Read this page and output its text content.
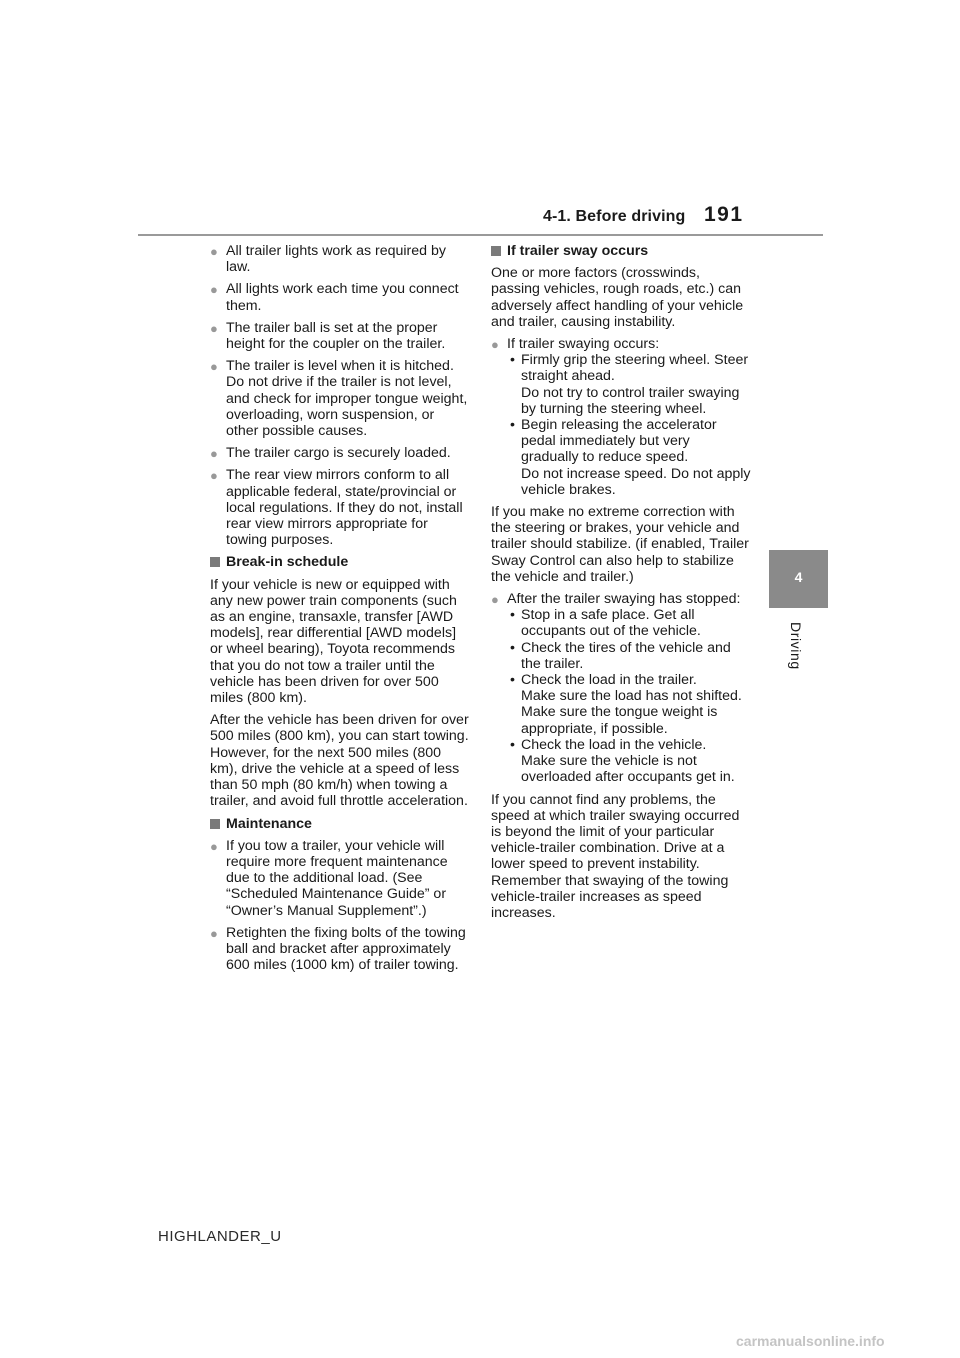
4-1. Before driving 191
4
Driving
● All trailer lights work as required by law.
● All lights work each time you connect them.
● The trailer ball is set at the proper height for the coupler on the trailer.
● The trailer is level when it is hitched.
Do not drive if the trailer is not level, and check for improper tongue weight, overloading, worn suspension, or other possible causes.
● The trailer cargo is securely loaded.
● The rear view mirrors conform to all applicable federal, state/provincial or local regulations. If they do not, install rear view mirrors appropriate for towing purposes.
Break-in schedule
If your vehicle is new or equipped with any new power train components (such as an engine, transaxle, transfer [AWD models], rear differential [AWD models] or wheel bearing), Toyota recommends that you do not tow a trailer until the vehicle has been driven for over 500 miles (800 km).
After the vehicle has been driven for over 500 miles (800 km), you can start towing. However, for the next 500 miles (800 km), drive the vehicle at a speed of less than 50 mph (80 km/h) when towing a trailer, and avoid full throttle acceleration.
Maintenance
● If you tow a trailer, your vehicle will require more frequent maintenance due to the additional load. (See “Scheduled Maintenance Guide” or “Owner’s Manual Supplement”.)
● Retighten the fixing bolts of the towing ball and bracket after approximately 600 miles (1000 km) of trailer towing.
If trailer sway occurs
One or more factors (crosswinds, passing vehicles, rough roads, etc.) can adversely affect handling of your vehicle and trailer, causing instability.
● If trailer swaying occurs:
• Firmly grip the steering wheel. Steer straight ahead.
Do not try to control trailer swaying by turning the steering wheel.
• Begin releasing the accelerator pedal immediately but very gradually to reduce speed.
Do not increase speed. Do not apply vehicle brakes.
If you make no extreme correction with the steering or brakes, your vehicle and trailer should stabilize. (if enabled, Trailer Sway Control can also help to stabilize the vehicle and trailer.)
● After the trailer swaying has stopped:
• Stop in a safe place. Get all occupants out of the vehicle.
• Check the tires of the vehicle and the trailer.
• Check the load in the trailer.
Make sure the load has not shifted.
Make sure the tongue weight is appropriate, if possible.
• Check the load in the vehicle.
Make sure the vehicle is not overloaded after occupants get in.
If you cannot find any problems, the speed at which trailer swaying occurred is beyond the limit of your particular vehicle-trailer combination. Drive at a lower speed to prevent instability. Remember that swaying of the towing vehicle-trailer increases as speed increases.
HIGHLANDER_U
carmanualsonline.info
